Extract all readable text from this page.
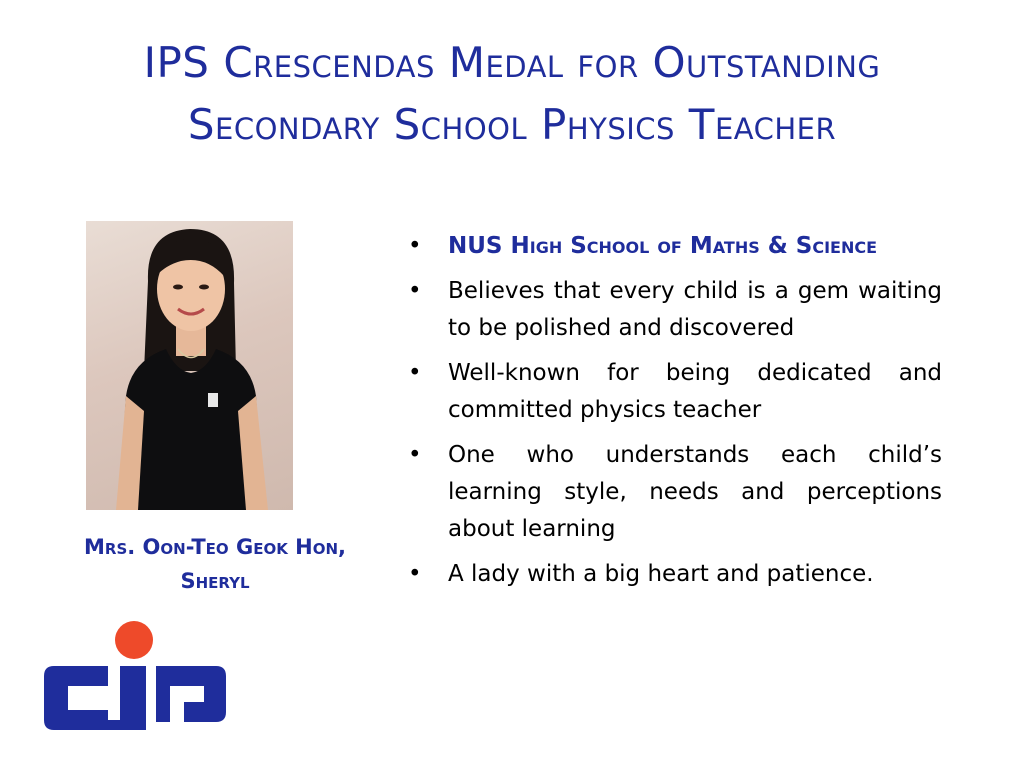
IPS Crescendas Medal for Outstanding
Secondary School Physics Teacher
Mrs. Oon-Teo Geok Hon,
Sheryl
• NUS High School of Maths & Science
• Believes that every child is a gem waiting to be polished and discovered
• Well-known for being dedicated and committed physics teacher
• One who understands each child’s learning style, needs and perceptions about learning
• A lady with a big heart and patience.
